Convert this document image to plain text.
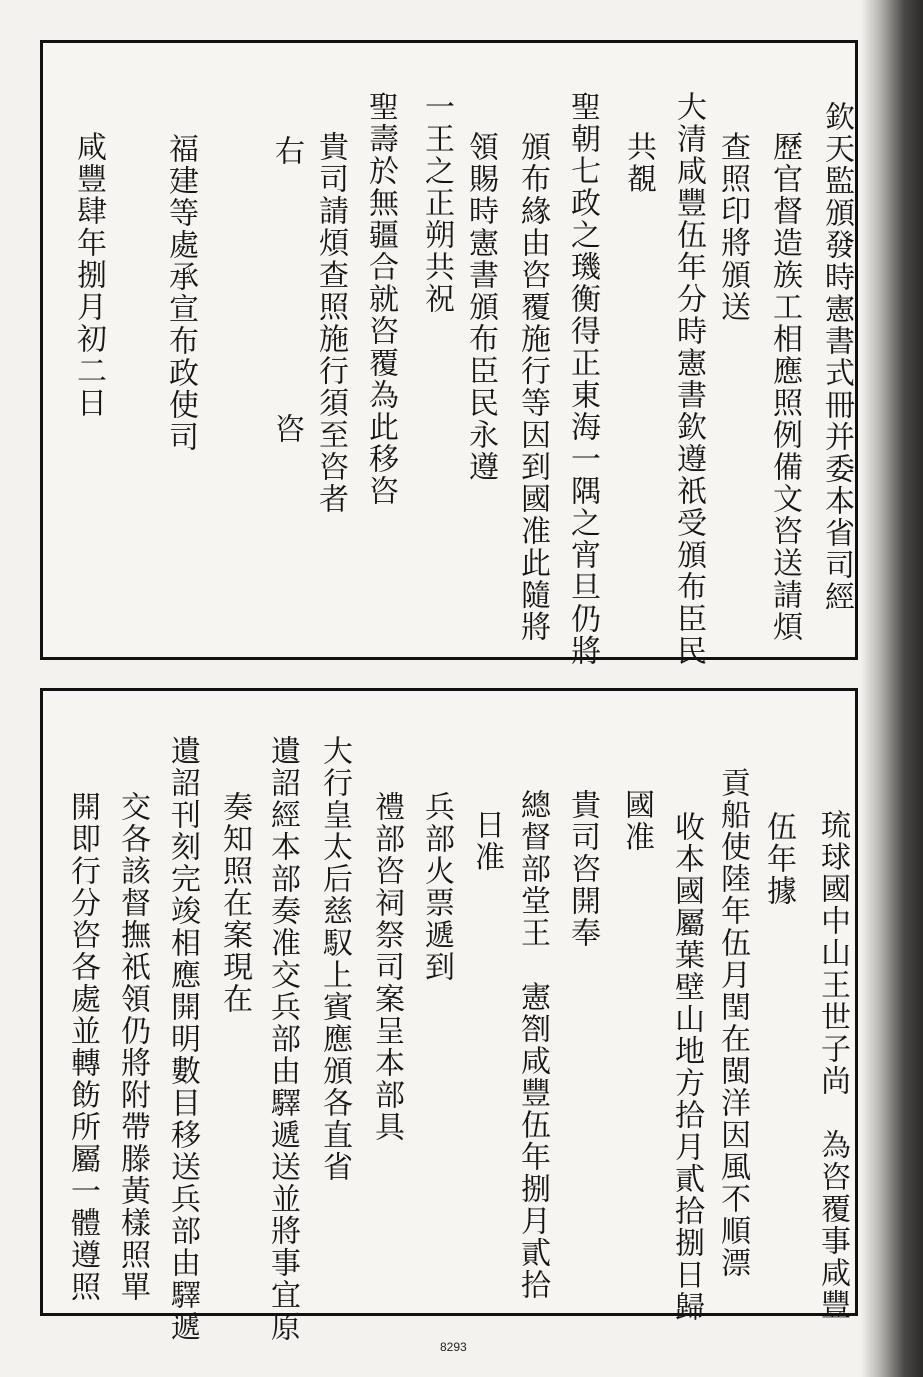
欽天監頒發時憲書式冊并委本省司經
歷官督造族工相應照例備文咨送請煩
查照印將頒送
大清咸豐伍年分時憲書欽遵祇受頒布臣民
共覩
聖朝七政之璣衡得正東海一隅之宵旦仍將
頒布緣由咨覆施行等因到國准此隨將
領賜時憲書頒布臣民永遵
一王之正朔共祝
聖壽於無疆合就咨覆為此移咨
貴司請煩查照施行須至咨者
右
咨
福建等處承宣布政使司
咸豐肆年捌月初二日
琉球國中山王世子尚　為咨覆事咸豐
伍年據
貢船使陸年伍月閏在閩洋因風不順漂
收本國屬葉壁山地方拾月貳拾捌日歸
國准
貴司咨開奉
總督部堂王　憲劄咸豐伍年捌月貳拾
日准
兵部火票遞到
禮部咨祠祭司案呈本部具
大行皇太后慈馭上賓應頒各直省
遺詔經本部奏准交兵部由驛遞送並將事宜原
奏知照在案現在
遺詔刊刻完竣相應開明數目移送兵部由驛遞
交各該督撫祇領仍將附帶滕黃樣照單
開即行分咨各處並轉飭所屬一體遵照
8293
